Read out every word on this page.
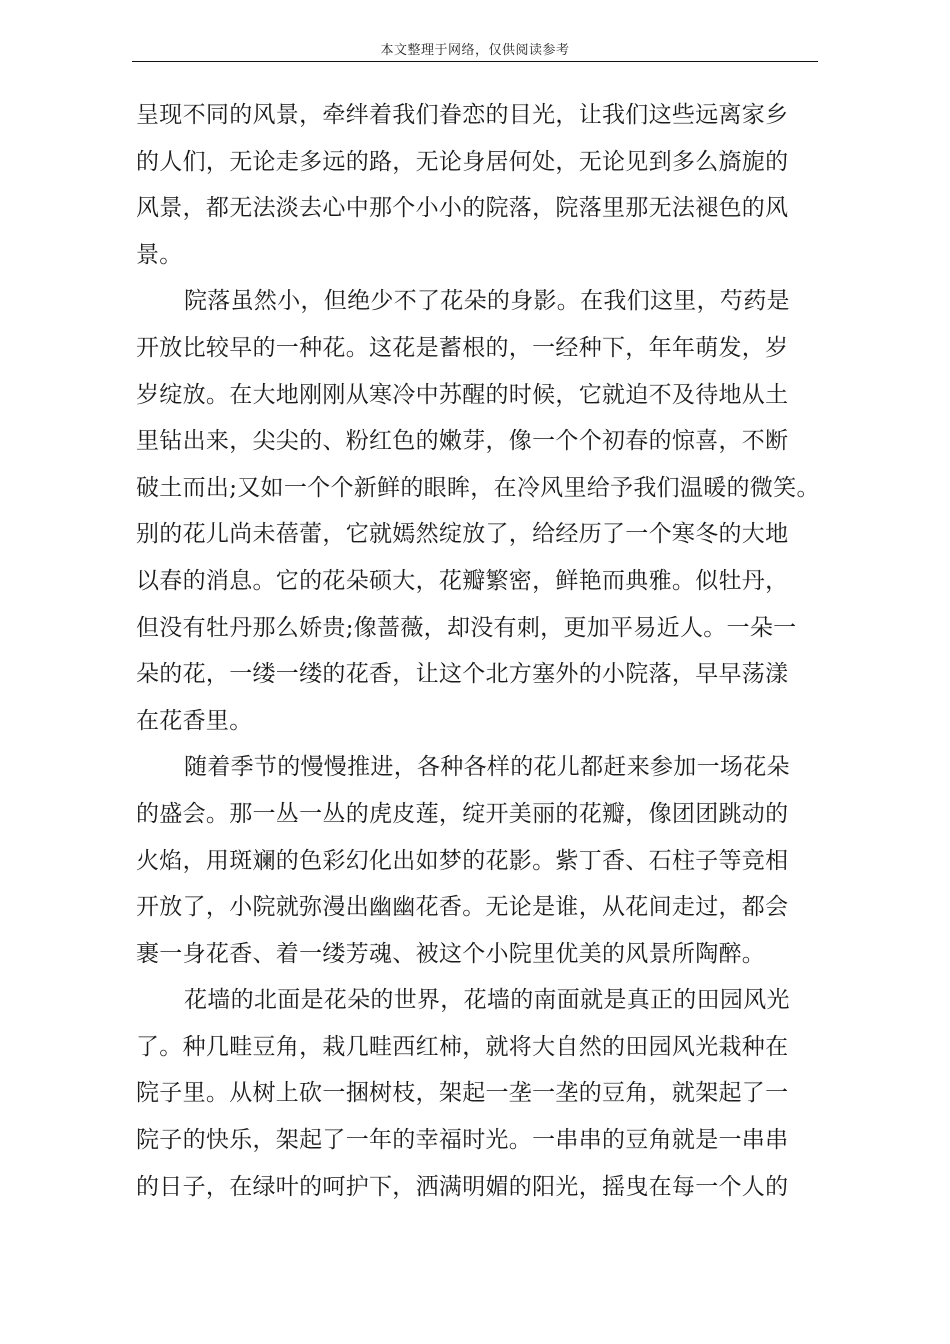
本文整理于网络，仅供阅读参考
呈现不同的风景，牵绊着我们眷恋的目光，让我们这些远离家乡
的人们，无论走多远的路，无论身居何处，无论见到多么旖旎的
风景，都无法淡去心中那个小小的院落，院落里那无法褪色的风
景。
院落虽然小，但绝少不了花朵的身影。在我们这里，芍药是
开放比较早的一种花。这花是蓄根的，一经种下，年年萌发，岁
岁绽放。在大地刚刚从寒冷中苏醒的时候，它就迫不及待地从土
里钻出来，尖尖的、粉红色的嫩芽，像一个个初春的惊喜，不断
破土而出;又如一个个新鲜的眼眸，在冷风里给予我们温暖的微笑。
别的花儿尚未蓓蕾，它就嫣然绽放了，给经历了一个寒冬的大地
以春的消息。它的花朵硕大，花瓣繁密，鲜艳而典雅。似牡丹，
但没有牡丹那么娇贵;像蔷薇，却没有刺，更加平易近人。一朵一
朵的花，一缕一缕的花香，让这个北方塞外的小院落，早早荡漾
在花香里。
随着季节的慢慢推进，各种各样的花儿都赶来参加一场花朵
的盛会。那一丛一丛的虎皮莲，绽开美丽的花瓣，像团团跳动的
火焰，用斑斓的色彩幻化出如梦的花影。紫丁香、石柱子等竞相
开放了，小院就弥漫出幽幽花香。无论是谁，从花间走过，都会
裹一身花香、着一缕芳魂、被这个小院里优美的风景所陶醉。
花墙的北面是花朵的世界，花墙的南面就是真正的田园风光
了。种几畦豆角，栽几畦西红柿，就将大自然的田园风光栽种在
院子里。从树上砍一捆树枝，架起一垄一垄的豆角，就架起了一
院子的快乐，架起了一年的幸福时光。一串串的豆角就是一串串
的日子，在绿叶的呵护下，洒满明媚的阳光，摇曳在每一个人的
